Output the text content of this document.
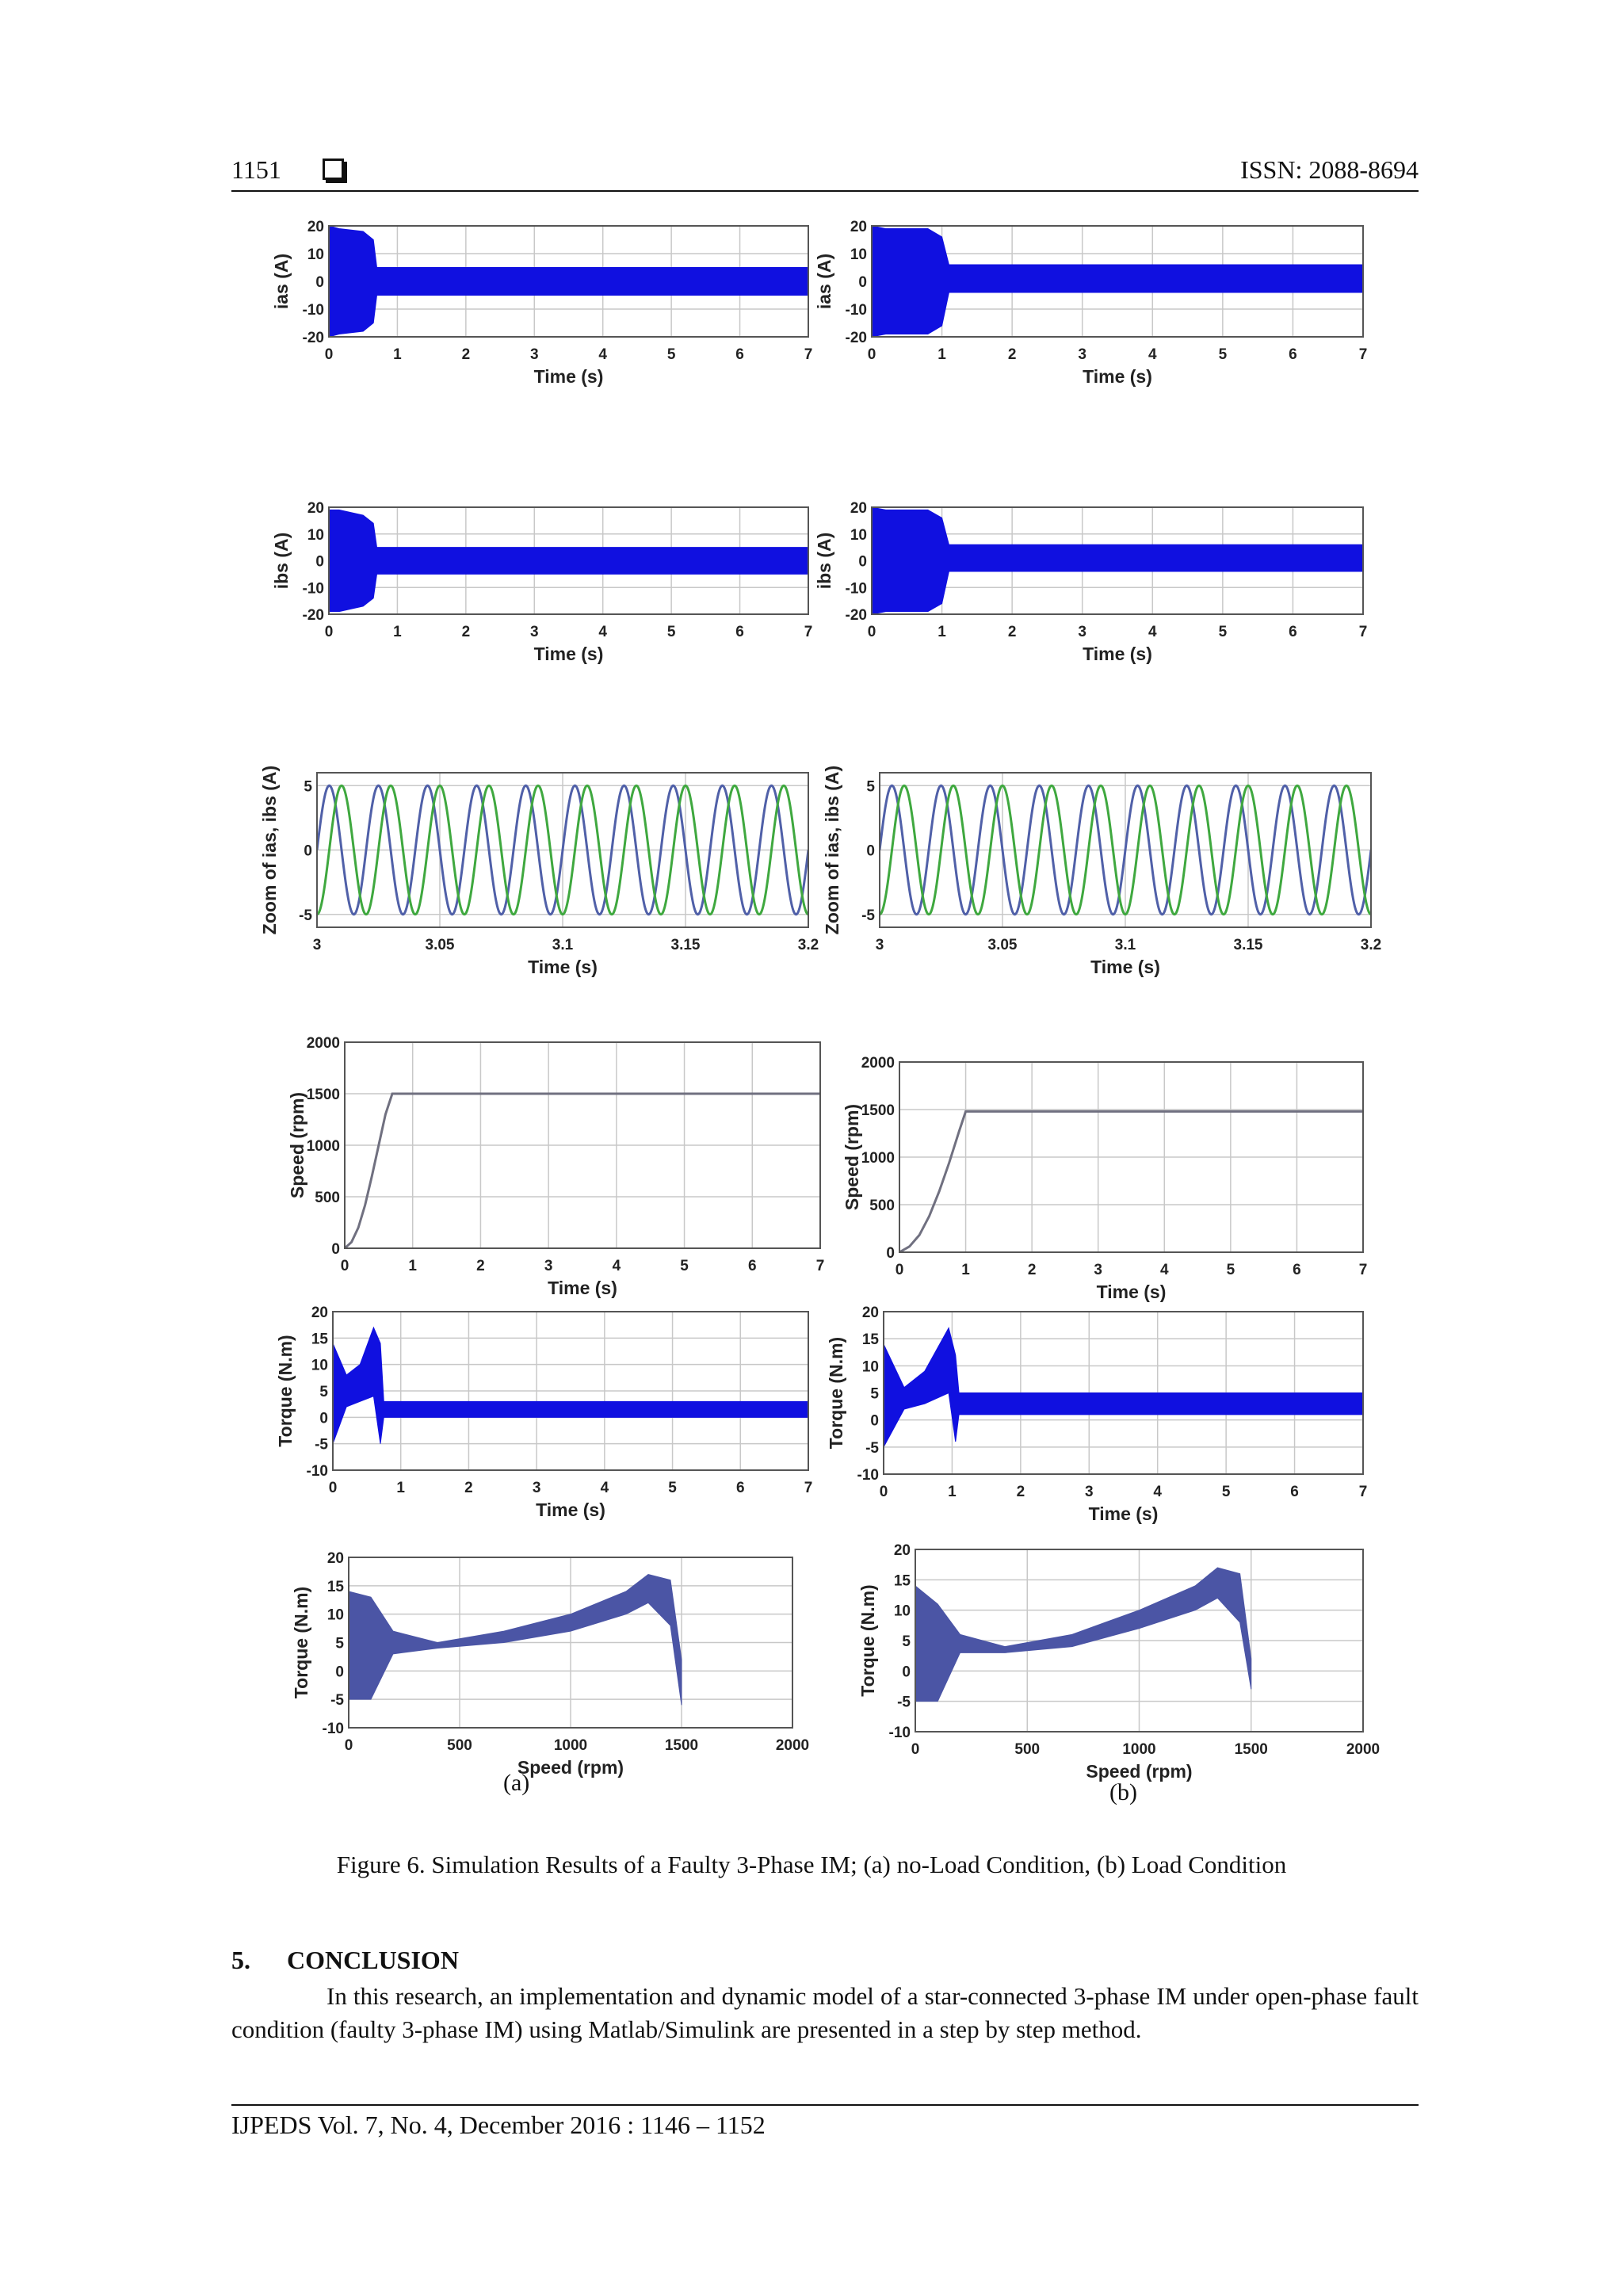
1151	ISSN: 2088-8694
0	1	2	3	4	5	6	7
20
10
0
-10
-20
Time (s)
ias (A)
0	1	2	3	4	5	6	7
20
10
0
-10
-20
Time (s)
ias (A)
0	1	2	3	4	5	6	7
20
10
0
-10
-20
Time (s)
ibs (A)
0	1	2	3	4	5	6	7
20
10
0
-10
-20
Time (s)
ibs (A)
3	3.05	3.1	3.15	3.2
5
0
-5
Time (s)
Zoom of ias, ibs (A)
3	3.05	3.1	3.15	3.2
5
0
-5
Time (s)
Zoom of ias, ibs (A)
0	1	2	3	4	5	6	7
2000
1500
1000
500
0
Time (s)
Speed (rpm)
0	1	2	3	4	5	6	7
2000
1500
1000
500
0
Time (s)
Speed (rpm)
0	1	2	3	4	5	6	7
20
15
10
5
0
-5
-10
Time (s)
Torque (N.m)
0	1	2	3	4	5	6	7
20
15
10
5
0
-5
-10
Time (s)
Torque (N.m)
0	500	1000	1500	2000
20
15
10
5
0
-5
-10
Speed (rpm)
Torque (N.m)
0	500	1000	1500	2000
20
15
10
5
0
-5
-10
Speed (rpm)
Torque (N.m)
(a)	(b)
Figure 6. Simulation Results of a Faulty 3-Phase IM; (a) no-Load Condition, (b) Load Condition
5. CONCLUSION
In this research, an implementation and dynamic model of a star-connected 3-phase IM under open-phase fault condition (faulty 3-phase IM) using Matlab/Simulink are presented in a step by step method.
IJPEDS Vol. 7, No. 4, December 2016 : 1146 – 1152
